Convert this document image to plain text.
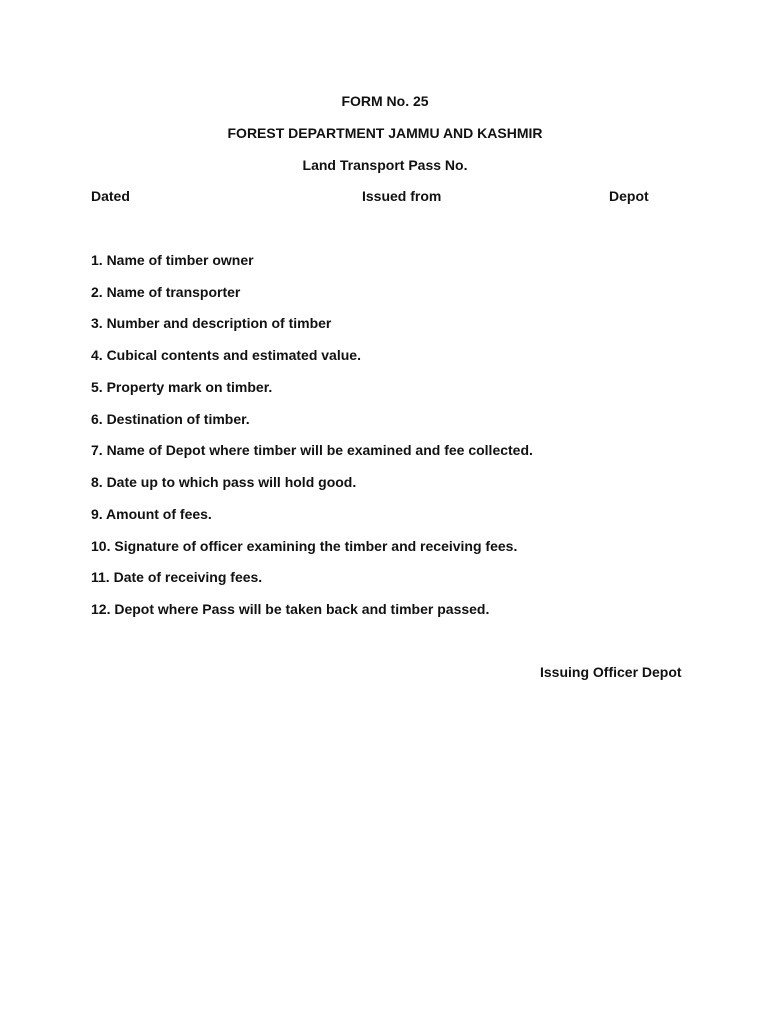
FORM No. 25
FOREST DEPARTMENT JAMMU AND KASHMIR
Land Transport Pass No.
Dated	Issued from	Depot
1. Name of timber owner
2. Name of transporter
3. Number and description of timber
4. Cubical contents and estimated value.
5. Property mark on timber.
6. Destination of timber.
7. Name of Depot where timber will be examined and fee collected.
8. Date up to which pass will hold good.
9. Amount of fees.
10. Signature of officer examining the timber and receiving fees.
11. Date of receiving fees.
12. Depot where Pass will be taken back and timber passed.
Issuing Officer Depot
